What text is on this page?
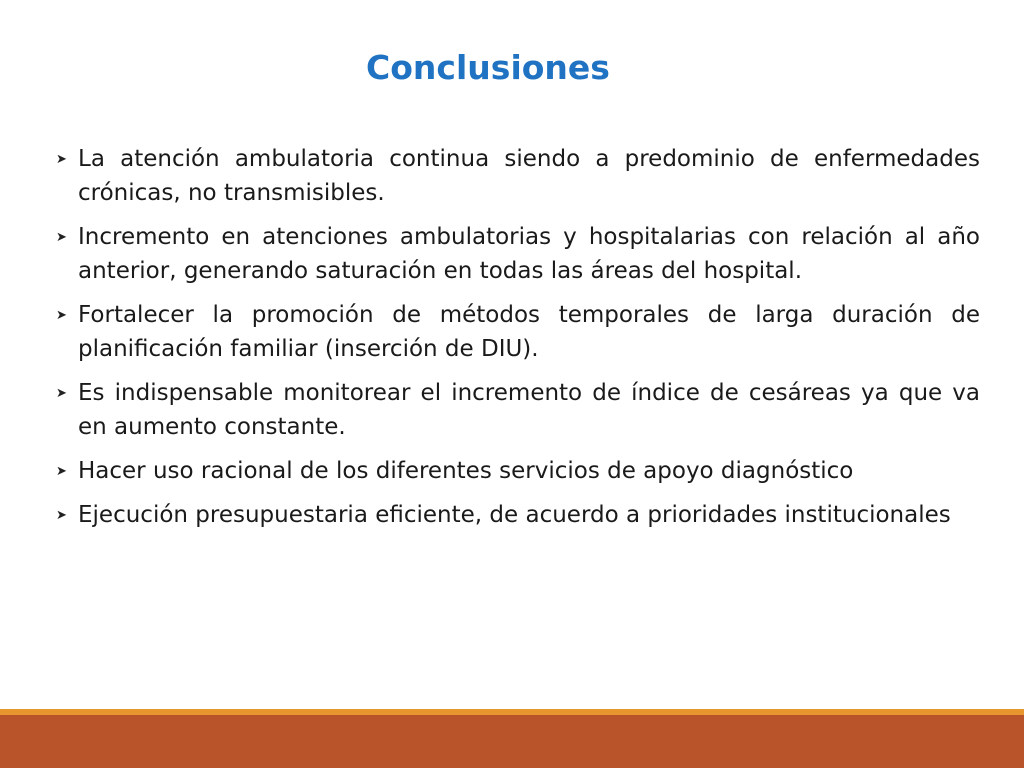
Conclusiones
➤ La atención ambulatoria continua siendo a predominio de enfermedades crónicas, no transmisibles.
➤ Incremento en atenciones ambulatorias y hospitalarias con relación al año anterior, generando saturación en todas las áreas del hospital.
➤ Fortalecer la promoción de métodos temporales de larga duración de planificación familiar (inserción de DIU).
➤ Es indispensable monitorear el incremento de índice de cesáreas ya que va en aumento constante.
➤ Hacer uso racional de los diferentes servicios de apoyo diagnóstico
➤ Ejecución presupuestaria eficiente, de acuerdo a prioridades institucionales
